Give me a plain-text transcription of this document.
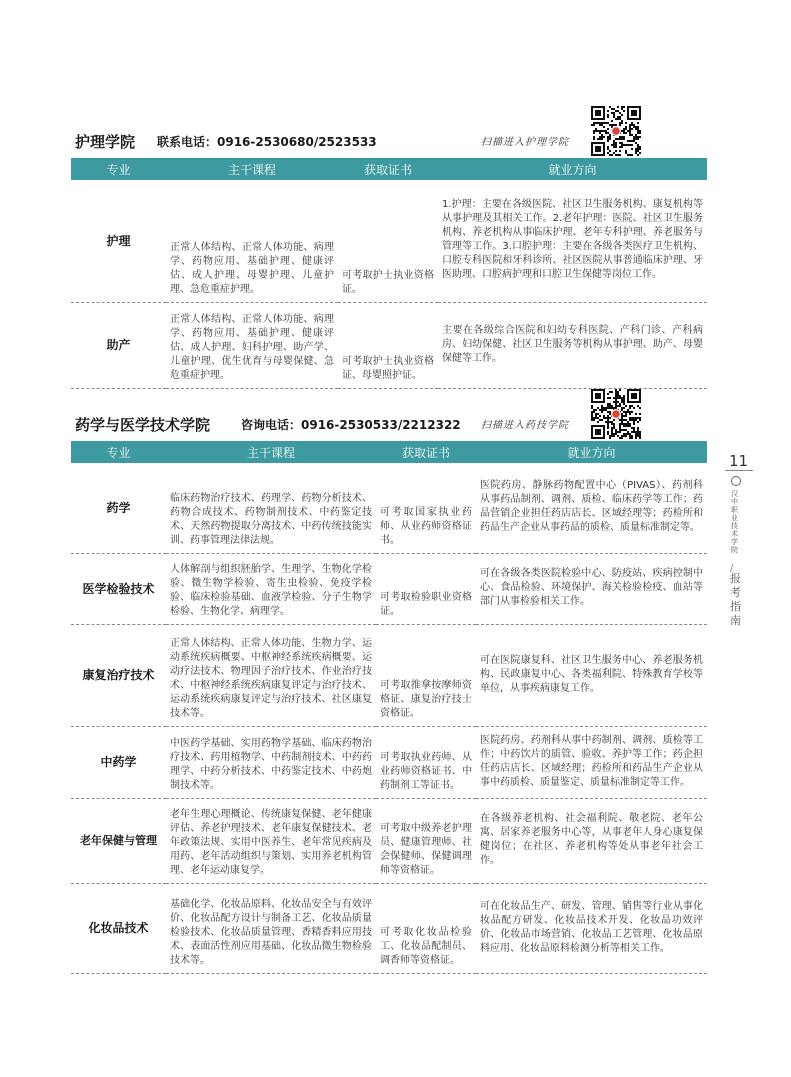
护理学院 联系电话：0916-2530680/2523533	扫描进入护理学院
专业	主干课程	获取证书	就业方向
护理	正常人体结构、正常人体功能、病理学、药物应用、基础护理、健康评估、成人护理、母婴护理、儿童护理、急危重症护理。	可考取护士执业资格证。	1.护理：主要在各级医院、社区卫生服务机构、康复机构等从事护理及其相关工作。2.老年护理：医院、社区卫生服务机构、养老机构从事临床护理、老年专科护理、养老服务与管理等工作。3.口腔护理：主要在各级各类医疗卫生机构、口腔专科医院和牙科诊所、社区医院从事普通临床护理、牙医助理、口腔病护理和口腔卫生保健等岗位工作。

助产	正常人体结构、正常人体功能、病理学、药物应用、基础护理、健康评估、成人护理、妇科护理、助产学、儿童护理、优生优育与母婴保健、急危重症护理。	可考取护士执业资格证、母婴照护证。	主要在各级综合医院和妇幼专科医院、产科门诊、产科病房、妇幼保健、社区卫生服务等机构从事护理、助产、母婴保健等工作。
药学与医学技术学院	咨询电话：0916-2530533/2212322 扫描进入药技学院
专业	主干课程	获取证书	就业方向
药学	临床药物治疗技术、药理学、药物分析技术、药物合成技术、药物制剂技术、中药鉴定技术、天然药物提取分离技术、中药传统技能实训、药事管理法律法规。	可考取国家执业药师、从业药师资格证书。	医院药房、静脉药物配置中心（PIVAS）、药剂科从事药品制剂、调剂、质检、临床药学等工作；药品营销企业担任药店店长、区域经理等；药检所和药品生产企业从事药品的质检、质量标准制定等。

医学检验技术	人体解剖与组织胚胎学、生理学、生物化学检验、微生物学检验、寄生虫检验、免疫学检验、临床检验基础、血液学检验、分子生物学检验、生物化学、病理学。	可考取检验职业资格证。	可在各级各类医院检验中心、防疫站、疾病控制中心、食品检验、环境保护、海关检验检疫、血站等部门从事检验相关工作。

康复治疗技术	正常人体结构、正常人体功能、生物力学、运动系统疾病概要、中枢神经系统疾病概要、运动疗法技术、物理因子治疗技术、作业治疗技术、中枢神经系统疾病康复评定与治疗技术、运动系统疾病康复评定与治疗技术、社区康复技术等。	可考取推拿按摩师资格证、康复治疗技士资格证。	可在医院康复科、社区卫生服务中心、养老服务机构、民政康复中心、各类福利院、特殊教育学校等单位，从事疾病康复工作。

中药学	中医药学基础、实用药物学基础、临床药物治疗技术、药用植物学、中药制剂技术、中药药理学、中药分析技术、中药鉴定技术、中药炮制技术等。	可考取执业药师、从业药师资格证书、中药制剂工等证书。	医院药房、药剂科从事中药制剂、调剂、质检等工作；中药饮片的质管、验收、养护等工作；药企担任药店店长、区域经理；药检所和药品生产企业从事中药质检、质量鉴定、质量标准制定等工作。

老年保健与管理	老年生理心理概论、传统康复保健、老年健康评估、养老护理技术、老年康复保健技术、老年政策法规、实用中医养生、老年常见疾病及用药、老年活动组织与策划、实用养老机构管理、老年运动康复学。	可考取中级养老护理员、健康管理师、社会保健师、保健调理师等资格证。	在各级养老机构、社会福利院、敬老院、老年公寓、居家养老服务中心等，从事老年人身心康复保健岗位；在社区、养老机构等处从事老年社会工作。

化妆品技术	基础化学、化妆品原料、化妆品安全与有效评价、化妆品配方设计与制备工艺、化妆品质量检验技术、化妆品质量管理、香精香料应用技术、表面活性剂应用基础、化妆品微生物检验技术等。	可考取化妆品检验工、化妆品配制员、调香师等资格证。	可在化妆品生产、研发、管理、销售等行业从事化妆品配方研发、化妆品技术开发、化妆品功效评价、化妆品市场营销、化妆品工艺管理、化妆品原料应用、化妆品原料检测分析等相关工作。
11
汉中职业技术学院
/
报考指南
